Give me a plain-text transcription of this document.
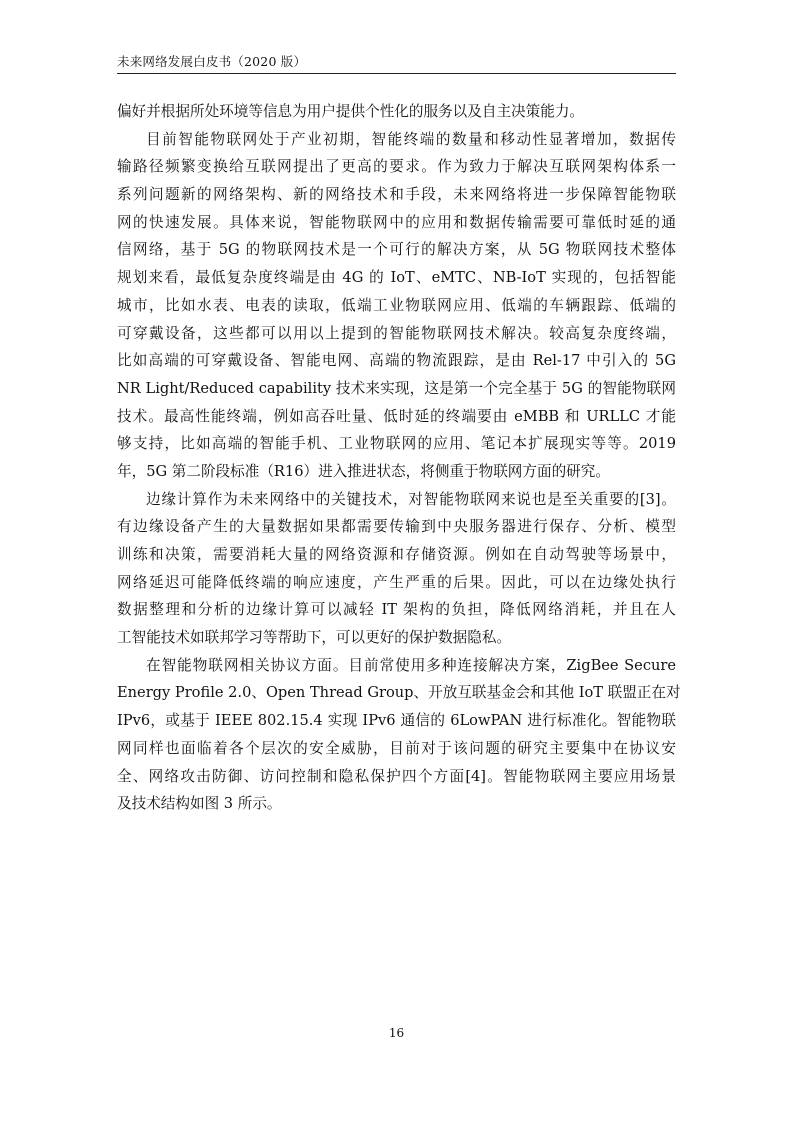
未来网络发展白皮书（2020 版）
偏好并根据所处环境等信息为用户提供个性化的服务以及自主决策能力。
目前智能物联网处于产业初期，智能终端的数量和移动性显著增加，数据传
输路径频繁变换给互联网提出了更高的要求。作为致力于解决互联网架构体系一
系列问题新的网络架构、新的网络技术和手段，未来网络将进一步保障智能物联
网的快速发展。具体来说，智能物联网中的应用和数据传输需要可靠低时延的通
信网络，基于 5G 的物联网技术是一个可行的解决方案，从 5G 物联网技术整体
规划来看，最低复杂度终端是由 4G 的 IoT、eMTC、NB-IoT 实现的，包括智能
城市，比如水表、电表的读取，低端工业物联网应用、低端的车辆跟踪、低端的
可穿戴设备，这些都可以用以上提到的智能物联网技术解决。较高复杂度终端，
比如高端的可穿戴设备、智能电网、高端的物流跟踪，是由 Rel-17 中引入的 5G
NR Light/Reduced capability 技术来实现，这是第一个完全基于 5G 的智能物联网
技术。最高性能终端，例如高吞吐量、低时延的终端要由 eMBB 和 URLLC 才能
够支持，比如高端的智能手机、工业物联网的应用、笔记本扩展现实等等。2019
年，5G 第二阶段标准（R16）进入推进状态，将侧重于物联网方面的研究。
边缘计算作为未来网络中的关键技术，对智能物联网来说也是至关重要的[3]。
有边缘设备产生的大量数据如果都需要传输到中央服务器进行保存、分析、模型
训练和决策，需要消耗大量的网络资源和存储资源。例如在自动驾驶等场景中，
网络延迟可能降低终端的响应速度，产生严重的后果。因此，可以在边缘处执行
数据整理和分析的边缘计算可以减轻 IT 架构的负担，降低网络消耗，并且在人
工智能技术如联邦学习等帮助下，可以更好的保护数据隐私。
在智能物联网相关协议方面。目前常使用多种连接解决方案，ZigBee Secure
Energy Profile 2.0、Open Thread Group、开放互联基金会和其他 IoT 联盟正在对
IPv6，或基于 IEEE 802.15.4 实现 IPv6 通信的 6LowPAN 进行标准化。智能物联
网同样也面临着各个层次的安全威胁，目前对于该问题的研究主要集中在协议安
全、网络攻击防御、访问控制和隐私保护四个方面[4]。智能物联网主要应用场景
及技术结构如图 3 所示。
16
